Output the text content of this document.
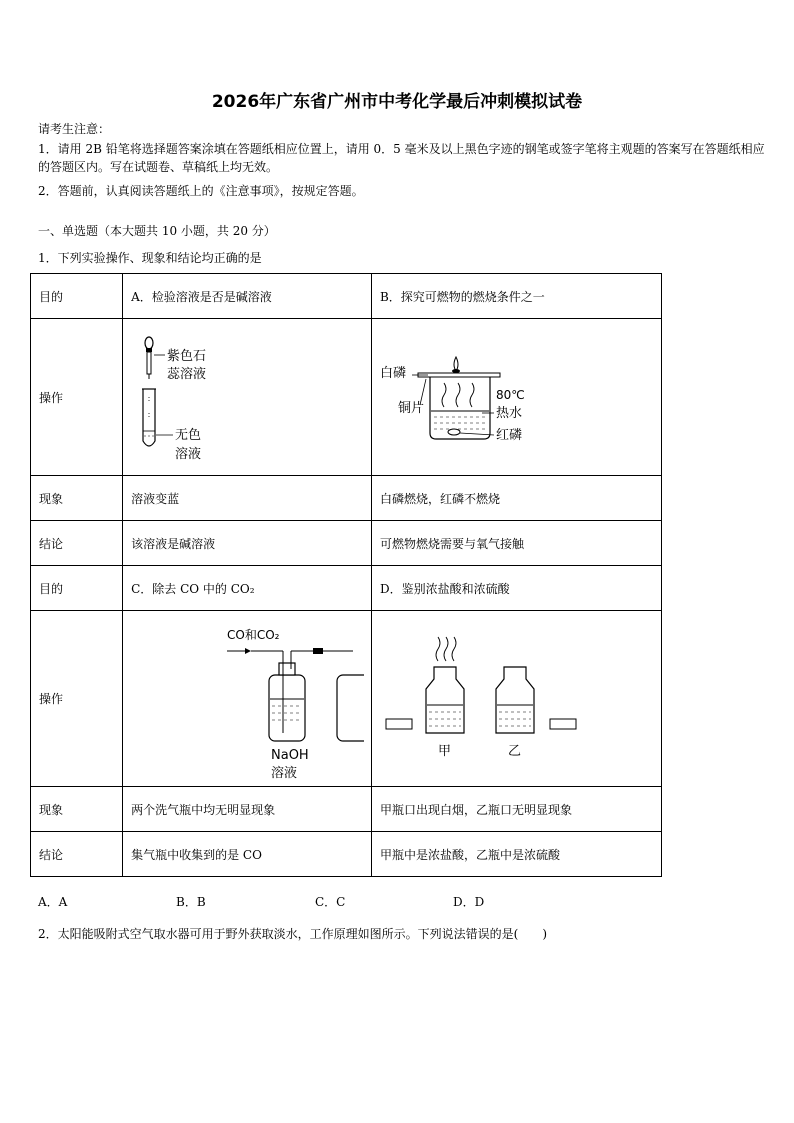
2026年广东省广州市中考化学最后冲刺模拟试卷
请考生注意：
1．请用 2B 铅笔将选择题答案涂填在答题纸相应位置上，请用 0．5 毫米及以上黑色字迹的钢笔或签字笔将主观题的答案写在答题纸相应的答题区内。写在试题卷、草稿纸上均无效。
2．答题前，认真阅读答题纸上的《注意事项》，按规定答题。
一、单选题（本大题共 10 小题，共 20 分）
1．下列实验操作、现象和结论均正确的是
目的	A．检验溶液是否是碱溶液	B．探究可燃物的燃烧条件之一
操作	紫色石
蕊溶液
无色
溶液	白磷
铜片
80℃
热水
红磷

现象	溶液变蓝	白磷燃烧，红磷不燃烧
结论	该溶液是碱溶液	可燃物燃烧需要与氧气接触
目的	C．除去 CO 中的 CO₂	D．鉴别浓盐酸和浓硫酸
操作	CO和CO₂
NaOH
溶液	甲 乙

现象	两个洗气瓶中均无明显现象	甲瓶口出现白烟，乙瓶口无明显现象
结论	集气瓶中收集到的是 CO	甲瓶中是浓盐酸，乙瓶中是浓硫酸
A．A	B．B	C．C	D．D
2．太阳能吸附式空气取水器可用于野外获取淡水，工作原理如图所示。下列说法错误的是(　　)
